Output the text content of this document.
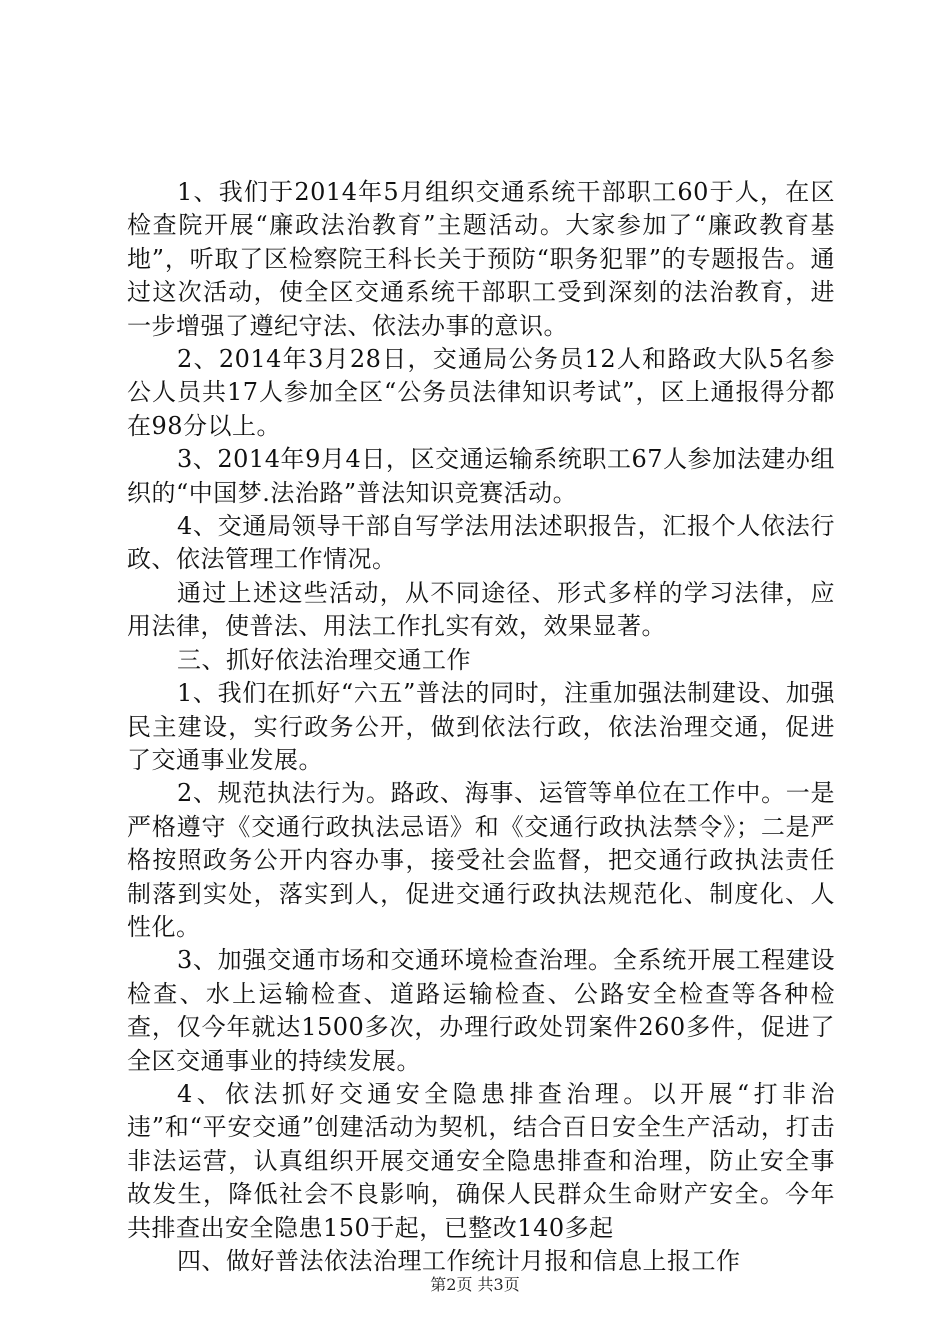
1、我们于2014年5月组织交通系统干部职工60于人，在区检查院开展“廉政法治教育”主题活动。大家参加了“廉政教育基地”，听取了区检察院王科长关于预防“职务犯罪”的专题报告。通过这次活动，使全区交通系统干部职工受到深刻的法治教育，进一步增强了遵纪守法、依法办事的意识。

2、2014年3月28日，交通局公务员12人和路政大队5名参公人员共17人参加全区“公务员法律知识考试”，区上通报得分都在98分以上。

3、2014年9月4日，区交通运输系统职工67人参加法建办组织的“中国梦.法治路”普法知识竞赛活动。

4、交通局领导干部自写学法用法述职报告，汇报个人依法行政、依法管理工作情况。

通过上述这些活动，从不同途径、形式多样的学习法律，应用法律，使普法、用法工作扎实有效，效果显著。

三、抓好依法治理交通工作

1、我们在抓好“六五”普法的同时，注重加强法制建设、加强民主建设，实行政务公开，做到依法行政，依法治理交通，促进了交通事业发展。

2、规范执法行为。路政、海事、运管等单位在工作中。一是严格遵守《交通行政执法忌语》和《交通行政执法禁令》；二是严格按照政务公开内容办事，接受社会监督，把交通行政执法责任制落到实处，落实到人，促进交通行政执法规范化、制度化、人性化。

3、加强交通市场和交通环境检查治理。全系统开展工程建设检查、水上运输检查、道路运输检查、公路安全检查等各种检查，仅今年就达1500多次，办理行政处罚案件260多件，促进了全区交通事业的持续发展。

4、依法抓好交通安全隐患排查治理。以开展“打非治违”和“平安交通”创建活动为契机，结合百日安全生产活动，打击非法运营，认真组织开展交通安全隐患排查和治理，防止安全事故发生，降低社会不良影响，确保人民群众生命财产安全。今年共排查出安全隐患150于起，已整改140多起

四、做好普法依法治理工作统计月报和信息上报工作

第2页 共3页
